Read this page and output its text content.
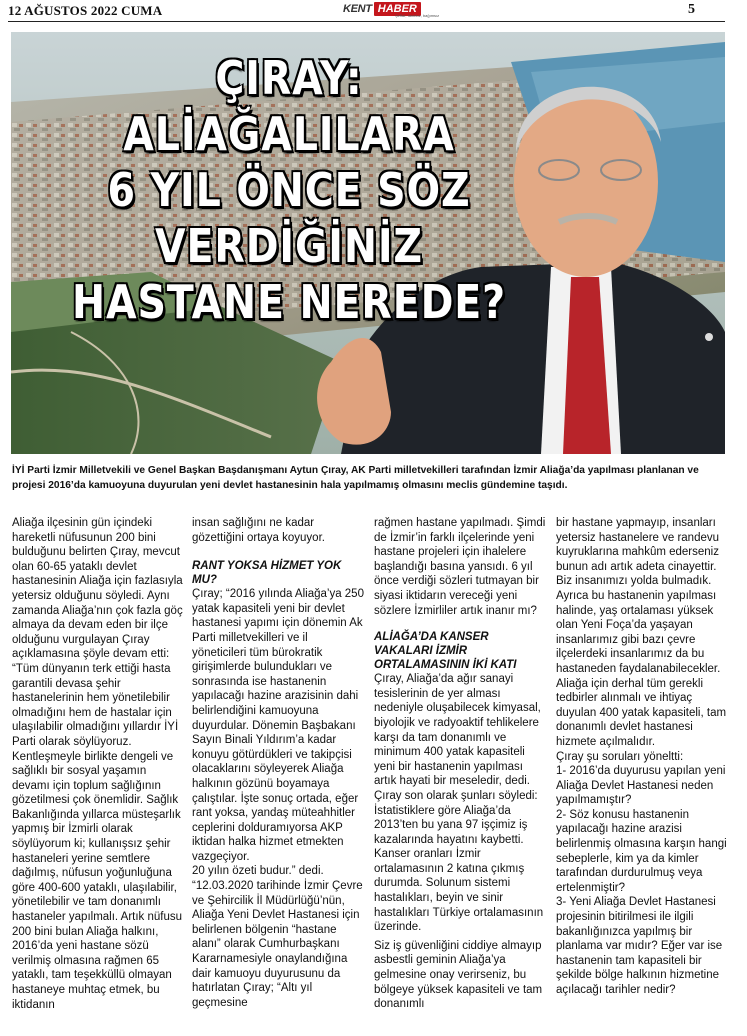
12 AĞUSTOS 2022 CUMA	KENT HABER
Şeffaf, tarafsız, bağımsız	5
ÇIRAY: ALİAĞALILARA
6 YIL ÖNCE SÖZ
VERDİĞİNİZ
HASTANE NEREDE?
İYİ Parti İzmir Milletvekili ve Genel Başkan Başdanışmanı Aytun Çıray, AK Parti milletvekilleri tarafından İzmir Aliağa’da yapılması planlanan ve projesi 2016’da kamuoyuna duyurulan yeni devlet hastanesinin hala yapılmamış olmasını meclis gündemine taşıdı.

Aliağa ilçesinin gün içindeki hareketli nüfusunun 200 bini bulduğunu belirten Çıray, mevcut olan 60-65 yataklı devlet hastanesinin Aliağa için fazlasıyla yetersiz olduğunu söyledi. Aynı zamanda Aliağa’nın çok fazla göç almaya da devam eden bir ilçe olduğunu vurgulayan Çıray açıklamasına şöyle devam etti: “Tüm dünyanın terk ettiği hasta garantili devasa şehir hastanelerinin hem yönetilebilir olmadığını hem de hastalar için ulaşılabilir olmadığını yıllardır İYİ Parti olarak söylüyoruz. Kentleşmeyle birlikte dengeli ve sağlıklı bir sosyal yaşamın devamı için toplum sağlığının gözetilmesi çok önemlidir. Sağlık Bakanlığında yıllarca müsteşarlık yapmış bir İzmirli olarak söylüyorum ki; kullanışsız şehir hastaneleri yerine semtlere dağılmış, nüfusun yoğunluğuna göre 400-600 yataklı, ulaşılabilir, yönetilebilir ve tam donanımlı hastaneler yapılmalı. Artık nüfusu 200 bini bulan Aliağa halkını, 2016’da yeni hastane sözü verilmiş olmasına rağmen 65 yataklı, tam teşekküllü olmayan hastaneye muhtaç etmek, bu iktidanın

insan sağlığını ne kadar gözettiğini ortaya koyuyor.

RANT YOKSA HİZMET YOK MU?

Çıray; “2016 yılında Aliağa’ya 250 yatak kapasiteli yeni bir devlet hastanesi yapımı için dönemin Ak Parti milletvekilleri ve il yöneticileri tüm bürokratik girişimlerde bulundukları ve sonrasında ise hastanenin yapılacağı hazine arazisinin dahi belirlendiğini kamuoyuna duyurdular. Dönemin Başbakanı Sayın Binali Yıldırım’a kadar konuyu götürdükleri ve takipçisi olacaklarını söyleyerek Aliağa halkının gözünü boyamaya çalıştılar. İşte sonuç ortada, eğer rant yoksa, yandaş müteahhitler ceplerini dolduramıyorsa AKP iktidan halka hizmet etmekten vazgeçiyor.

20 yılın özeti budur.” dedi. “12.03.2020 tarihinde İzmir Çevre ve Şehircilik İl Müdürlüğü’nün, Aliağa Yeni Devlet Hastanesi için belirlenen bölgenin “hastane alanı” olarak Cumhurbaşkanı Kararnamesiyle onaylandığına dair kamuoyu duyurusunu da hatırlatan Çıray; “Altı yıl geçmesine

rağmen hastane yapılmadı. Şimdi de İzmir’in farklı ilçelerinde yeni hastane projeleri için ihalelere başlandığı basına yansıdı. 6 yıl önce verdiği sözleri tutmayan bir siyasi iktidarın vereceği yeni sözlere İzmirliler artık inanır mı?

ALİAĞA’DA KANSER VAKALARI İZMİR ORTALAMASININ İKİ KATI

Çıray, Aliağa’da ağır sanayi tesislerinin de yer alması nedeniyle oluşabilecek kimyasal, biyolojik ve radyoaktif tehlikelere karşı da tam donanımlı ve minimum 400 yatak kapasiteli yeni bir hastanenin yapılması artık hayati bir meseledir, dedi. Çıray son olarak şunları söyledi: İstatistiklere göre Aliağa’da 2013’ten bu yana 97 işçimiz iş kazalarında hayatını kaybetti. Kanser oranları İzmir ortalamasının 2 katına çıkmış durumda. Solunum sistemi hastalıkları, beyin ve sinir hastalıkları Türkiye ortalamasının üzerinde.

Siz iş güvenliğini ciddiye almayıp asbestli geminin Aliağa’ya gelmesine onay verirseniz, bu bölgeye yüksek kapasiteli ve tam donanımlı

bir hastane yapmayıp, insanları yetersiz hastanelere ve randevu kuyruklarına mahkûm ederseniz bunun adı artık adeta cinayettir. Biz insanımızı yolda bulmadık.

Ayrıca bu hastanenin yapılması halinde, yaş ortalaması yüksek olan Yeni Foça’da yaşayan insanlarımız gibi bazı çevre ilçelerdeki insanlarımız da bu hastaneden faydalanabilecekler. Aliağa için derhal tüm gerekli tedbirler alınmalı ve ihtiyaç duyulan 400 yatak kapasiteli, tam donanımlı devlet hastanesi hizmete açılmalıdır.

Çıray şu soruları yöneltti:

1- 2016’da duyurusu yapılan yeni Aliağa Devlet Hastanesi neden yapılmamıştır?

2- Söz konusu hastanenin yapılacağı hazine arazisi belirlenmiş olmasına karşın hangi sebeplerle, kim ya da kimler tarafından durdurulmuş veya ertelenmiştir?

3- Yeni Aliağa Devlet Hastanesi projesinin bitirilmesi ile ilgili bakanlığınızca yapılmış bir planlama var mıdır? Eğer var ise hastanenin tam kapasiteli bir şekilde bölge halkının hizmetine açılacağı tarihler nedir?
